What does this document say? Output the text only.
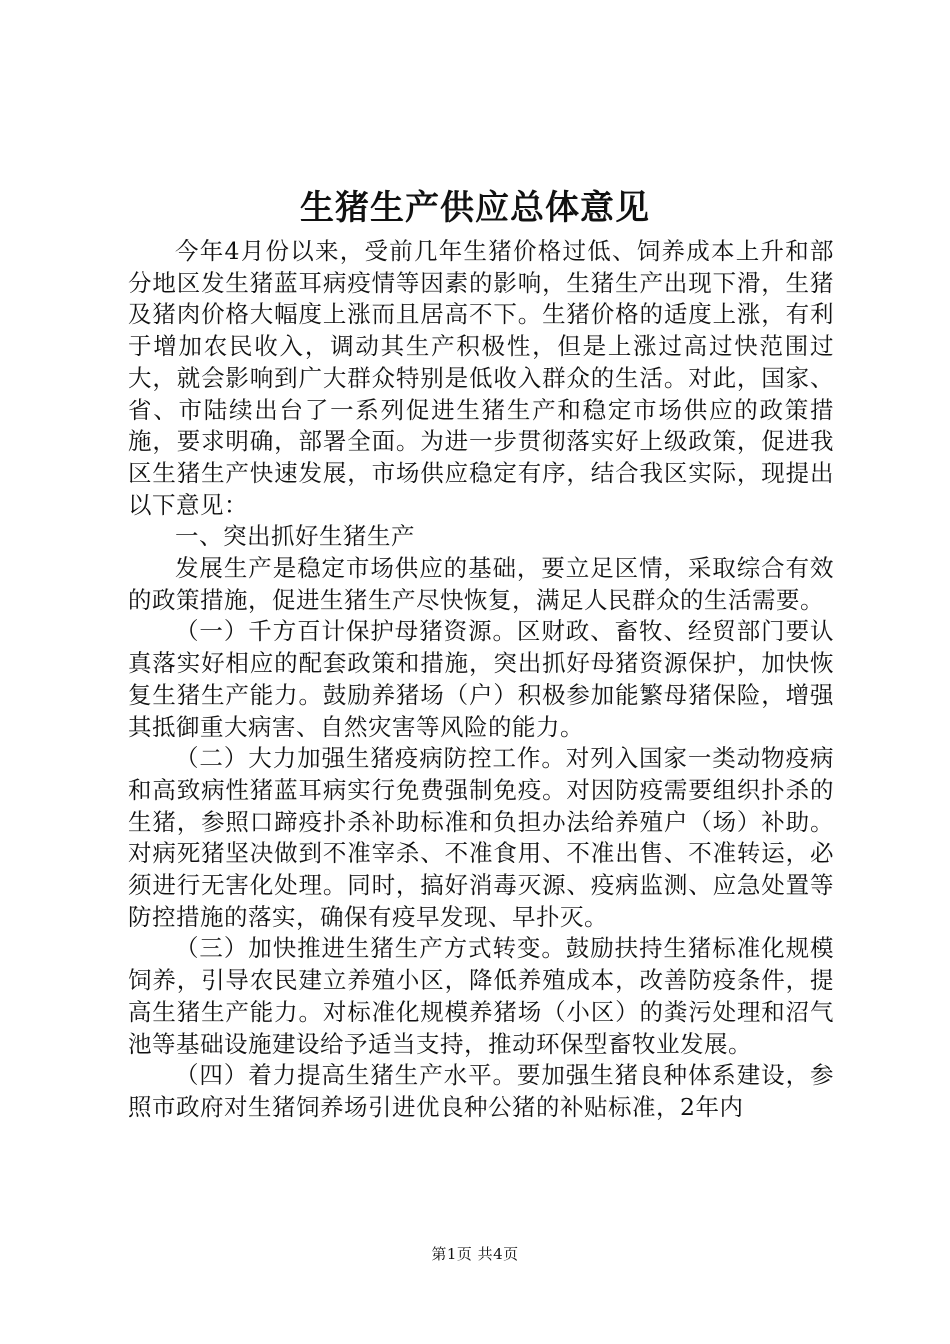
生猪生产供应总体意见

今年4月份以来，受前几年生猪价格过低、饲养成本上升和部分地区发生猪蓝耳病疫情等因素的影响，生猪生产出现下滑，生猪及猪肉价格大幅度上涨而且居高不下。生猪价格的适度上涨，有利于增加农民收入，调动其生产积极性，但是上涨过高过快范围过大，就会影响到广大群众特别是低收入群众的生活。对此，国家、省、市陆续出台了一系列促进生猪生产和稳定市场供应的政策措施，要求明确，部署全面。为进一步贯彻落实好上级政策，促进我区生猪生产快速发展，市场供应稳定有序，结合我区实际，现提出以下意见：

一、突出抓好生猪生产

发展生产是稳定市场供应的基础，要立足区情，采取综合有效的政策措施，促进生猪生产尽快恢复，满足人民群众的生活需要。

（一）千方百计保护母猪资源。区财政、畜牧、经贸部门要认真落实好相应的配套政策和措施，突出抓好母猪资源保护，加快恢复生猪生产能力。鼓励养猪场（户）积极参加能繁母猪保险，增强其抵御重大病害、自然灾害等风险的能力。

（二）大力加强生猪疫病防控工作。对列入国家一类动物疫病和高致病性猪蓝耳病实行免费强制免疫。对因防疫需要组织扑杀的生猪，参照口蹄疫扑杀补助标准和负担办法给养殖户（场）补助。对病死猪坚决做到不准宰杀、不准食用、不准出售、不准转运，必须进行无害化处理。同时，搞好消毒灭源、疫病监测、应急处置等防控措施的落实，确保有疫早发现、早扑灭。

（三）加快推进生猪生产方式转变。鼓励扶持生猪标准化规模饲养，引导农民建立养殖小区，降低养殖成本，改善防疫条件，提高生猪生产能力。对标准化规模养猪场（小区）的粪污处理和沼气池等基础设施建设给予适当支持，推动环保型畜牧业发展。

（四）着力提高生猪生产水平。要加强生猪良种体系建设，参照市政府对生猪饲养场引进优良种公猪的补贴标准，2年内

第1页 共4页
